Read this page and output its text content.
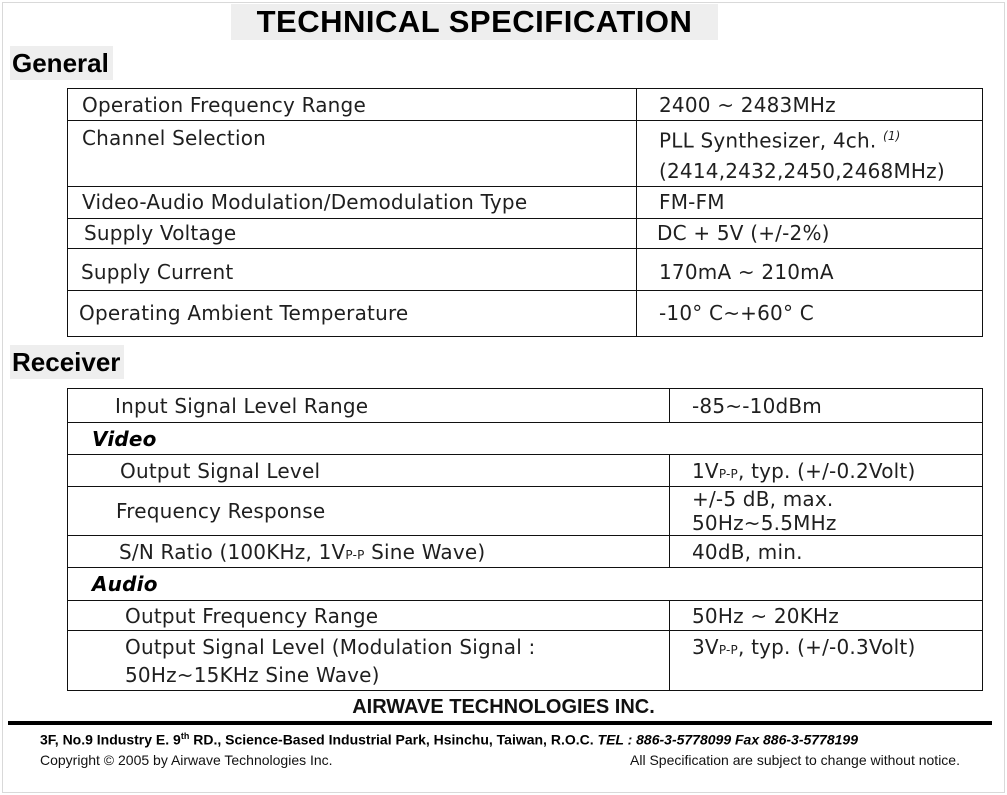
TECHNICAL SPECIFICATION
General
Operation Frequency Range	2400 ~ 2483MHz
Channel Selection	PLL Synthesizer, 4ch. $^{(1)}$
(2414,2432,2450,2468MHz)
Video-Audio Modulation/Demodulation Type	FM-FM
Supply Voltage	DC + 5V (+/-2%)
Supply Current	170mA ~ 210mA
Operating Ambient Temperature	-10° C~+60° C
Receiver
Input Signal Level Range	-85~-10dBm
Video	
Output Signal Level	1VP-P, typ. (+/-0.2Volt)
Frequency Response	+/-5 dB, max. 50Hz~5.5MHz
S/N Ratio (100KHz, 1VP-P Sine Wave)	40dB, min.
Audio	
Output Frequency Range	50Hz ~ 20KHz
Output Signal Level (Modulation Signal :
50Hz~15KHz Sine Wave)	3VP-P, typ. (+/-0.3Volt)
AIRWAVE TECHNOLOGIES INC.
3F, No.9 Industry E. 9th RD., Science-Based Industrial Park, Hsinchu, Taiwan, R.O.C. TEL : 886-3-5778099 Fax 886-3-5778199
Copyright © 2005 by Airwave Technologies Inc.	All Specification are subject to change without notice.
